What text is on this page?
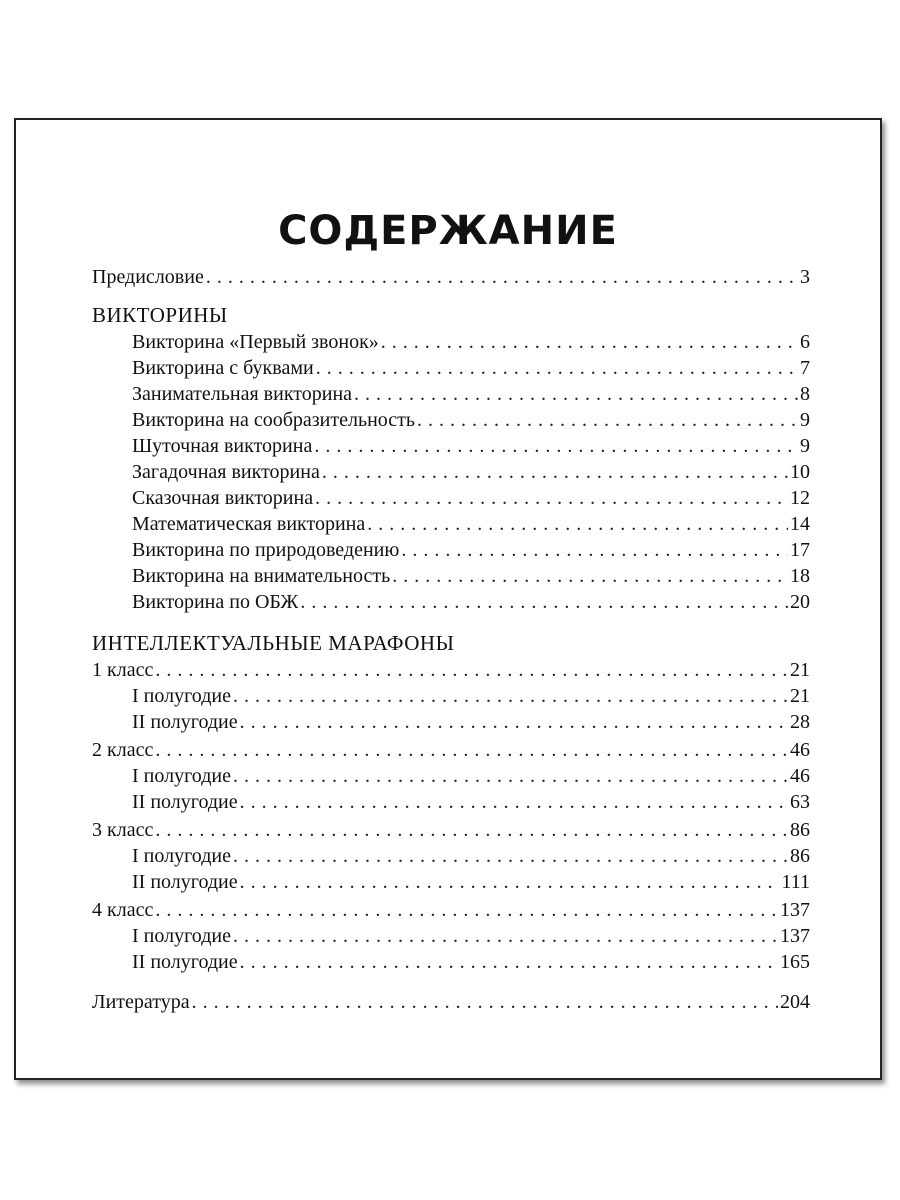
СОДЕРЖАНИЕ
Предисловие . . .	3
ВИКТОРИНЫ
Викторина «Первый звонок» . . .	6
Викторина с буквами . . .	7
Занимательная викторина . . .	8
Викторина на сообразительность . . .	9
Шуточная викторина . . .	9
Загадочная викторина . . .	10
Сказочная викторина . . .	12
Математическая викторина . . .	14
Викторина по природоведению . . .	17
Викторина на внимательность . . .	18
Викторина по ОБЖ . . .	20
ИНТЕЛЛЕКТУАЛЬНЫЕ МАРАФОНЫ
1 класс . . .	21
I полугодие . . .	21
II полугодие . . .	28
2 класс . . .	46
I полугодие . . .	46
II полугодие . . .	63
3 класс . . .	86
I полугодие . . .	86
II полугодие . . .	111
4 класс . . .	137
I полугодие . . .	137
II полугодие . . .	165
Литература . . .	204
